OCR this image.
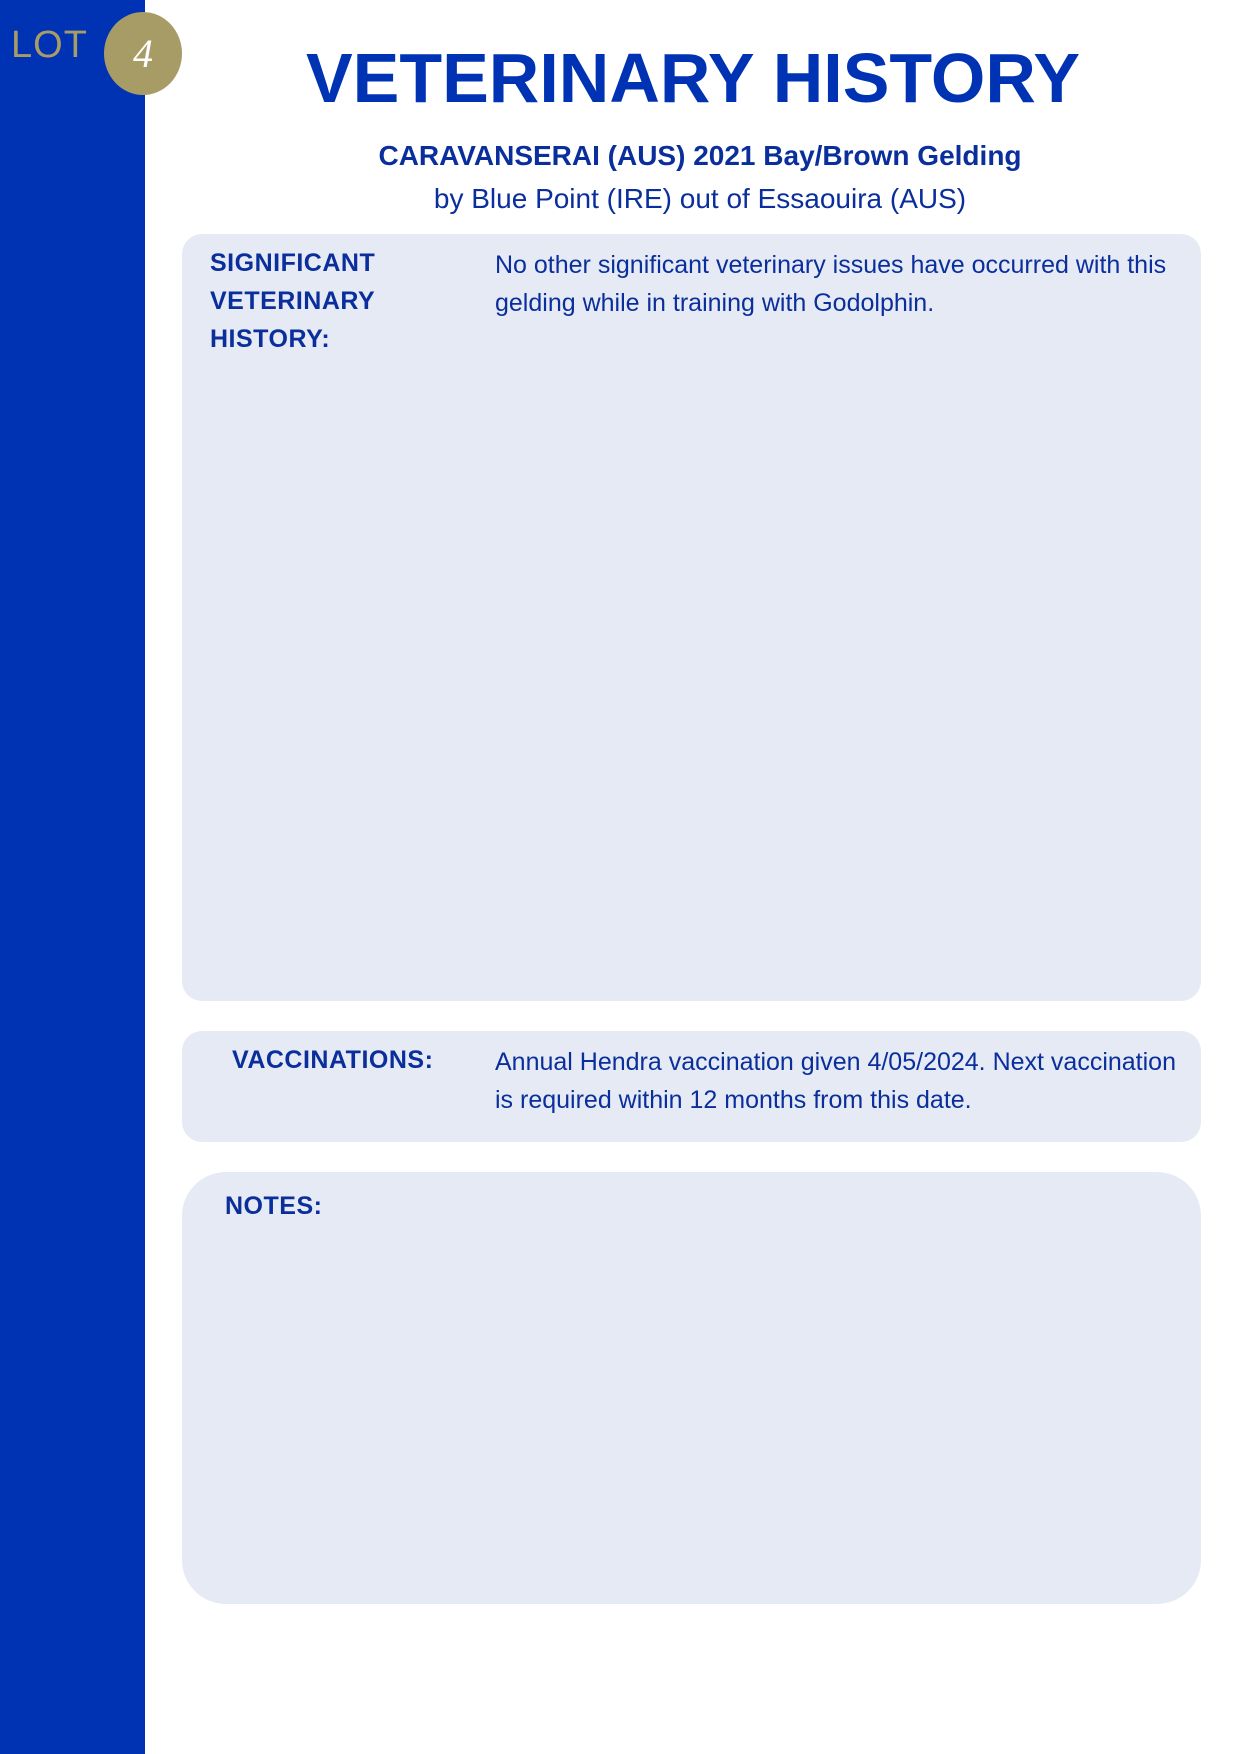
LOT 4	VETERINARY HISTORY
CARAVANSERAI (AUS) 2021 Bay/Brown Gelding
by Blue Point (IRE) out of Essaouira (AUS)
SIGNIFICANT VETERINARY HISTORY:

No other significant veterinary issues have occurred with this gelding while in training with Godolphin.

VACCINATIONS: Annual Hendra vaccination given 4/05/2024. Next vaccination is required within 12 months from this date.

NOTES:
